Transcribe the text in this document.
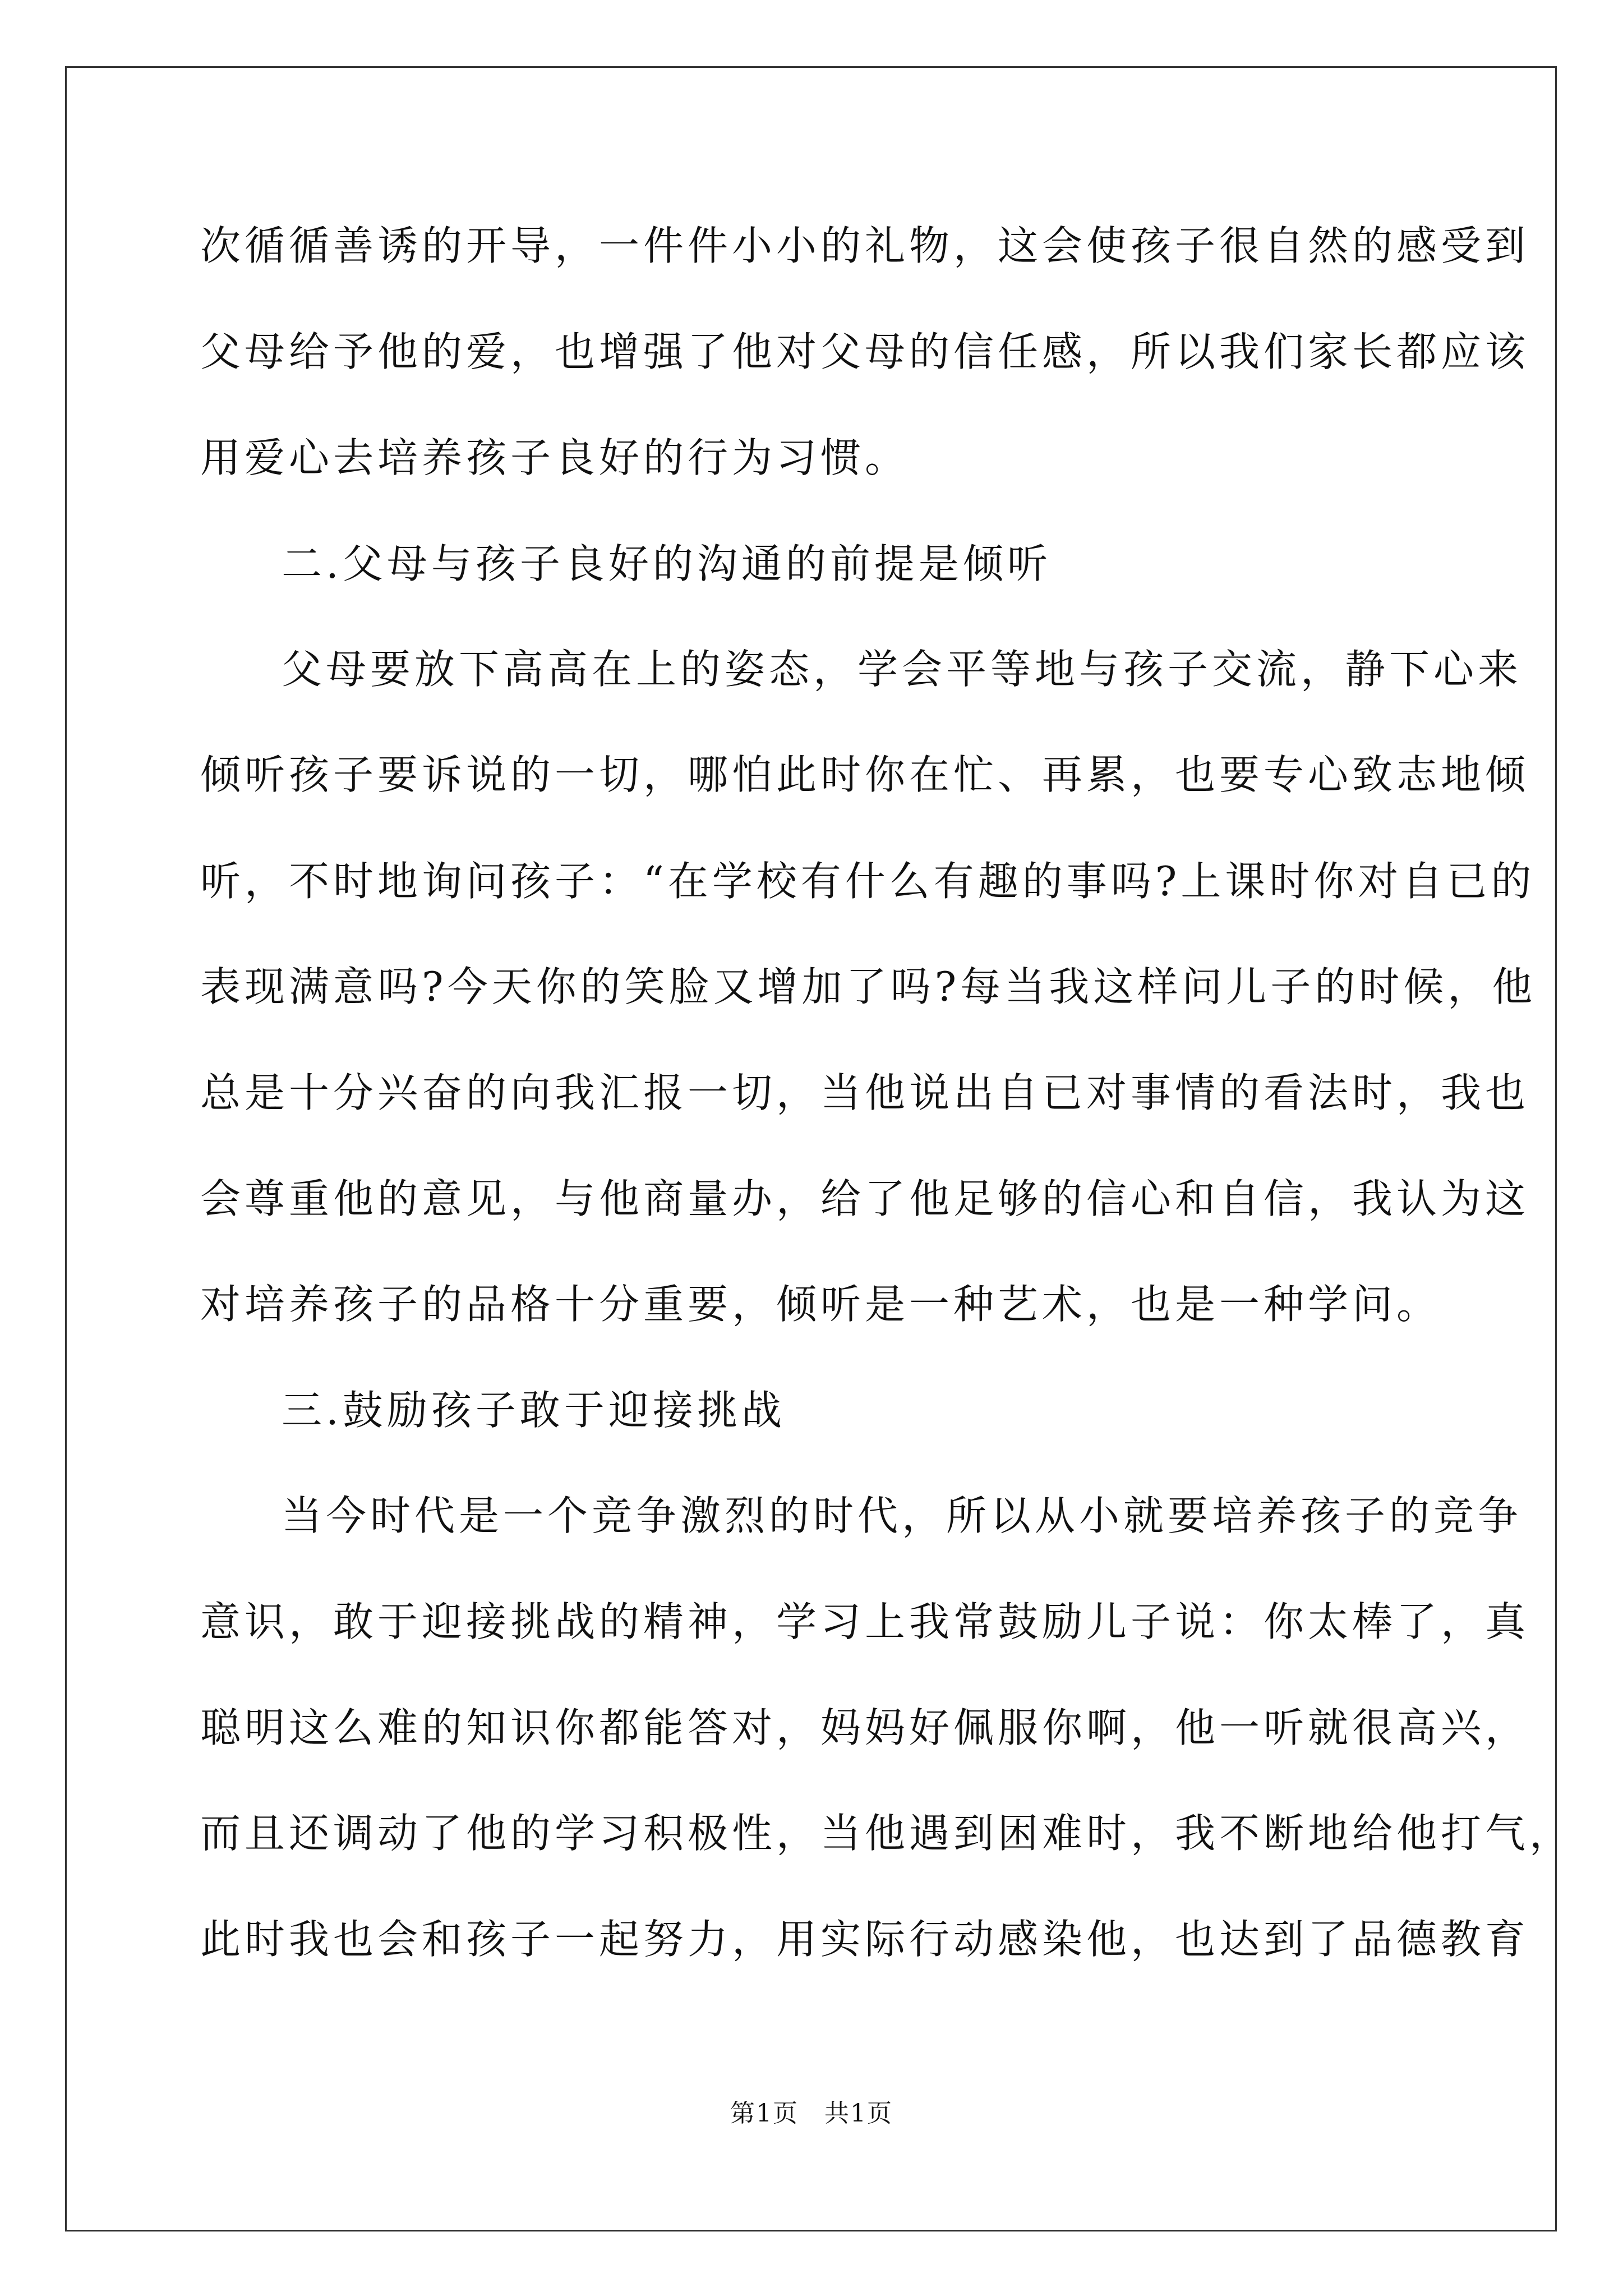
次循循善诱的开导，一件件小小的礼物，这会使孩子很自然的感受到
父母给予他的爱，也增强了他对父母的信任感，所以我们家长都应该
用爱心去培养孩子良好的行为习惯。
二.父母与孩子良好的沟通的前提是倾听
父母要放下高高在上的姿态，学会平等地与孩子交流，静下心来
倾听孩子要诉说的一切，哪怕此时你在忙、再累，也要专心致志地倾
听，不时地询问孩子：“在学校有什么有趣的事吗?上课时你对自已的
表现满意吗?今天你的笑脸又增加了吗?每当我这样问儿子的时候，他
总是十分兴奋的向我汇报一切，当他说出自已对事情的看法时，我也
会尊重他的意见，与他商量办，给了他足够的信心和自信，我认为这
对培养孩子的品格十分重要，倾听是一种艺术，也是一种学问。
三.鼓励孩子敢于迎接挑战
当今时代是一个竞争激烈的时代，所以从小就要培养孩子的竞争
意识，敢于迎接挑战的精神，学习上我常鼓励儿子说：你太棒了，真
聪明这么难的知识你都能答对，妈妈好佩服你啊，他一听就很高兴，
而且还调动了他的学习积极性，当他遇到困难时，我不断地给他打气，
此时我也会和孩子一起努力，用实际行动感染他，也达到了品德教育
第1页　共1页
